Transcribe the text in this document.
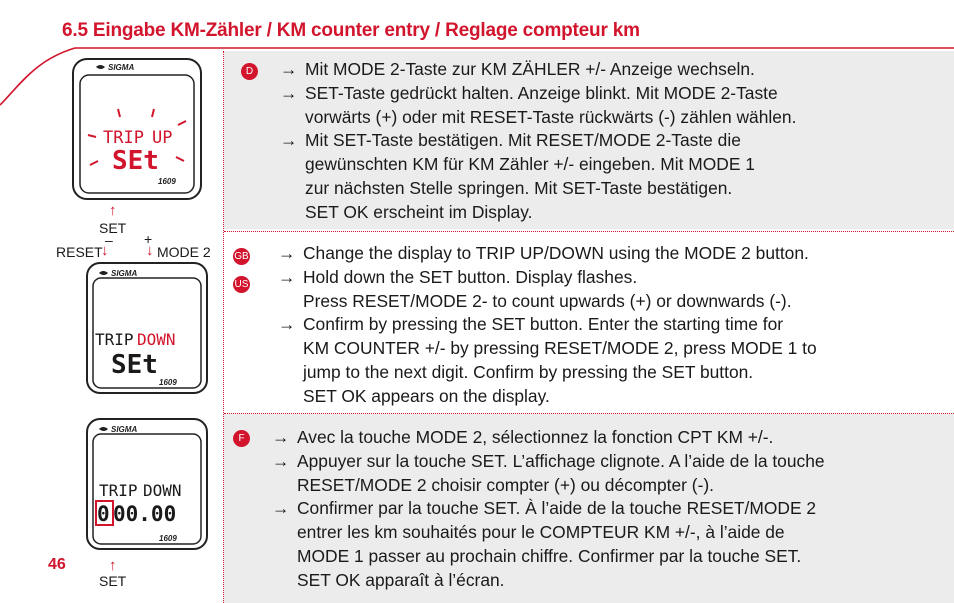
6.5 Eingabe KM-Zähler / KM counter entry / Reglage compteur km
D
GB
US
F
→ Mit MODE 2-Taste zur KM ZÄHLER +/- Anzeige wechseln.
→ SET-Taste gedrückt halten. Anzeige blinkt. Mit MODE 2-Taste
vorwärts (+) oder mit RESET-Taste rückwärts (-) zählen wählen.
→ Mit SET-Taste bestätigen. Mit RESET/MODE 2-Taste die
gewünschten KM für KM Zähler +/- eingeben. Mit MODE 1
zur nächsten Stelle springen. Mit SET-Taste bestätigen.
SET OK erscheint im Display.
→ Change the display to TRIP UP/DOWN using the MODE 2 button.
→ Hold down the SET button. Display flashes.
Press RESET/MODE 2- to count upwards (+) or downwards (-).
→ Confirm by pressing the SET button. Enter the starting time for
KM COUNTER +/- by pressing RESET/MODE 2, press MODE 1 to
jump to the next digit. Confirm by pressing the SET button.
SET OK appears on the display.
→ Avec la touche MODE 2, sélectionnez la fonction CPT KM +/-.
→ Appuyer sur la touche SET. L’affichage clignote. A l’aide de la touche
RESET/MODE 2 choisir compter (+) ou décompter (-).
→ Confirmer par la touche SET. À l’aide de la touche RESET/MODE 2
entrer les km souhaités pour le COMPTEUR KM +/-, à l’aide de
MODE 1 passer au prochain chiffre. Confirmer par la touche SET.
SET OK apparaît à l’écran.
SIGMA
TRIP UP
SEt
1609
↑
SET
– +
RESET
↓	↓ MODE 2
SIGMA
TRIP DOWN
SEt
1609
SIGMA
TRIP DOWN
0 00.00
1609
↑
SET
46
